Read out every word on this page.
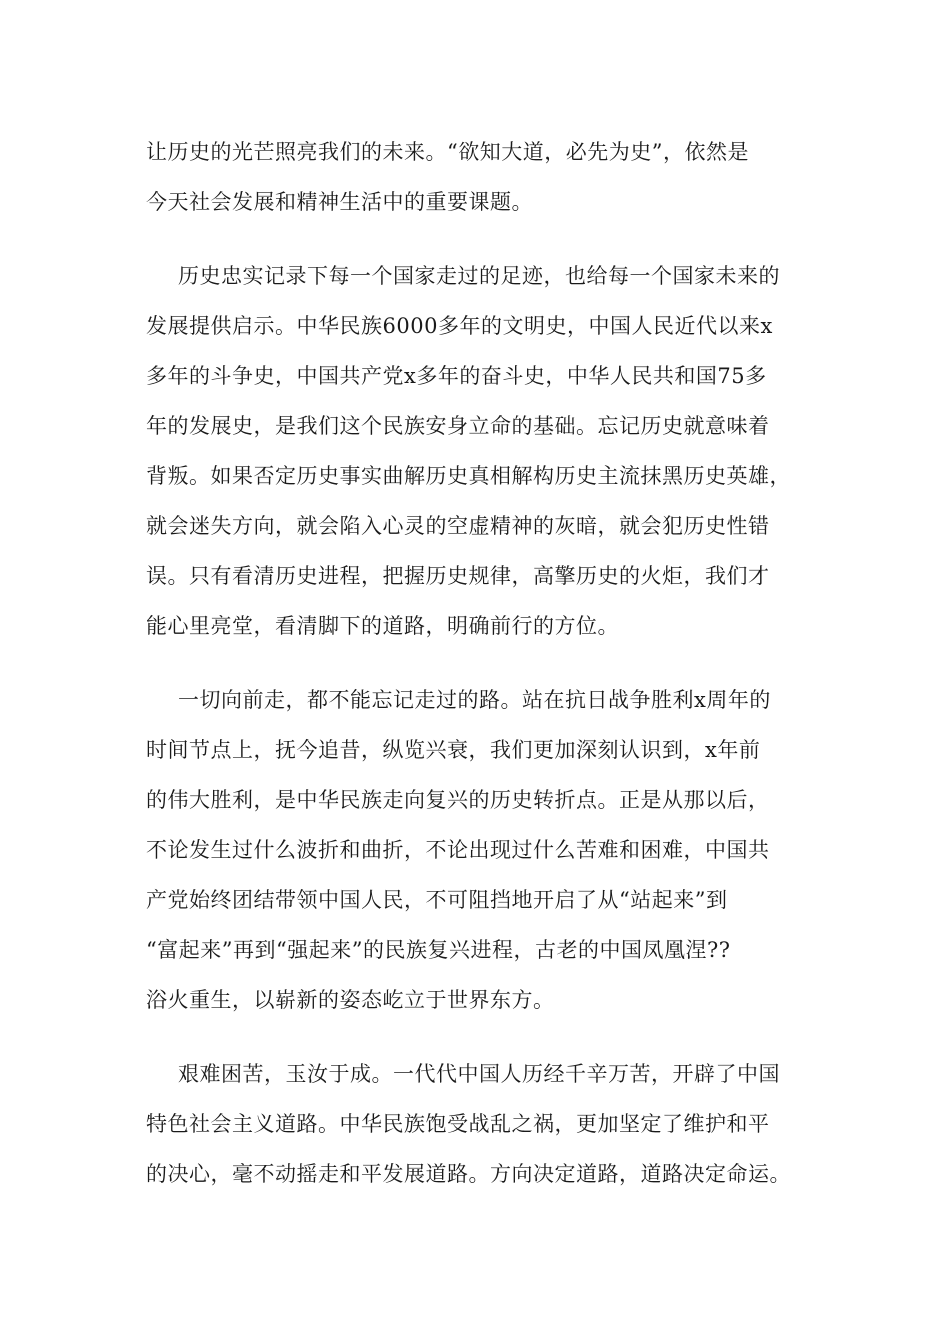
让历史的光芒照亮我们的未来。“欲知大道，必先为史”，依然是
今天社会发展和精神生活中的重要课题。
历史忠实记录下每一个国家走过的足迹，也给每一个国家未来的
发展提供启示。中华民族6000多年的文明史，中国人民近代以来x
多年的斗争史，中国共产党x多年的奋斗史，中华人民共和国75多
年的发展史，是我们这个民族安身立命的基础。忘记历史就意味着
背叛。如果否定历史事实曲解历史真相解构历史主流抹黑历史英雄，
就会迷失方向，就会陷入心灵的空虚精神的灰暗，就会犯历史性错
误。只有看清历史进程，把握历史规律，高擎历史的火炬，我们才
能心里亮堂，看清脚下的道路，明确前行的方位。
一切向前走，都不能忘记走过的路。站在抗日战争胜利x周年的
时间节点上，抚今追昔，纵览兴衰，我们更加深刻认识到，x年前
的伟大胜利，是中华民族走向复兴的历史转折点。正是从那以后，
不论发生过什么波折和曲折，不论出现过什么苦难和困难，中国共
产党始终团结带领中国人民，不可阻挡地开启了从“站起来”到
“富起来”再到“强起来”的民族复兴进程，古老的中国凤凰涅??
浴火重生，以崭新的姿态屹立于世界东方。
艰难困苦，玉汝于成。一代代中国人历经千辛万苦，开辟了中国
特色社会主义道路。中华民族饱受战乱之祸，更加坚定了维护和平
的决心，毫不动摇走和平发展道路。方向决定道路，道路决定命运。
